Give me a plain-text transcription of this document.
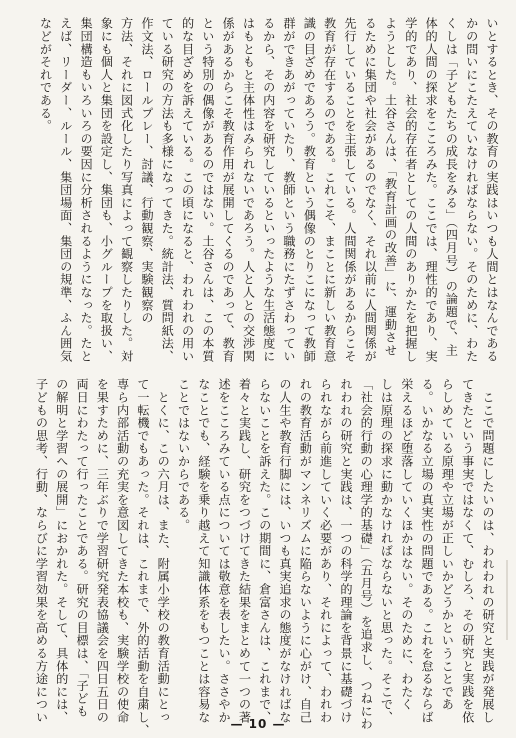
いとするとき、その教育の実践はいつも人間とはなんである
かの問いにこたえていなければならない。そのために、わた
くしは「子どもたちの成長をみる」（四月号）の論題で、主
体的人間の探求をこころみた。ここでは、理性的であり、実
学的であり、社会的存在者としての人間のありかたを把握し
ようとした。土谷さんは、「教育計画の改善」に、運動させ
るために集団や社会があるのでなく、それ以前に人間関係が
先行していることを主張している。人間関係があるからこそ
教育が存在するのである。これこそ、まことに新しい教育意
識の目ざめであろう。教育という偶像のとりこになって教師
群ができあがっていたり、教師という職務にたずさわってい
るから、その内容を研究しているといったような生活態度に
はもともと主体性はみられないであろう。人と人との交渉関
係があるからこそ教育作用が展開してくるのであって、教育
という特別の偶像があるのではない。土谷さんは、この本質
的な目ざめを訴えている。この頃になると、われわれの用い
ている研究の方法も多様になってきた。統計法、質問紙法、
作文法、ロールプレー、討議、行動観察、実験観察の
方法、それに図式化したり写真によって観察したりした。対
象にも個人と集団を設定し、集団も、小グループを取扱い、
集団構造もいろいろの要因に分析されるようになった。たと
えば、リーダー、ルール、集団場面、集団の規準、ふん囲気
などがそれである。
　ここで問題にしたいのは、われわれの研究と実践が発展し
てきたという事実ではなくて、むしろ、その研究と実践を依
らしめている原理や立場が正しいかどうかということであ
る。いかなる立場の真実性の問題である。これを怠るならば
栄えるほど堕落していくほかはない。そのために、わたく
しは原理の探求に動かなければならないと思った。そこで、
「社会的行動の心理学的基礎」（五月号）を追求し、つねにわ
れわれの研究と実践は、一つの科学的理論を背景に基礎づけ
られながら前進していく必要があり、それによって、われわ
れの教育活動がマンネリズムに陥らないように心がけ、自己
の人生や教育行脚には、いつも真実追求の態度がなければな
らないことを訴えた。この期間に、倉富さんは、これまで、
着々と実践し、研究をつづけてきた結果をまとめて一つの著
述をこころみている点については敬意を表したい。ささやか
なことでも、経験を乗り越えて知識体系をもつことは容易な
ことではないからである。
　とくに、この六月は、また、附属小学校の教育活動にとっ
て一転機でもあった。それは、これまで、外的活動を自粛し、
専ら内部活動の充実を意図してきた本校も、実験学校の使命
を果すために、三年ぶりで学習研究発表協議会を四日五日の
両日にわたって行ったことである。研究の目標は、「子ども
の解明と学習への展開」におかれた。そして、具体的には、
子どもの思考、行動、ならびに学習効果を高める方途につい
— 10 —
